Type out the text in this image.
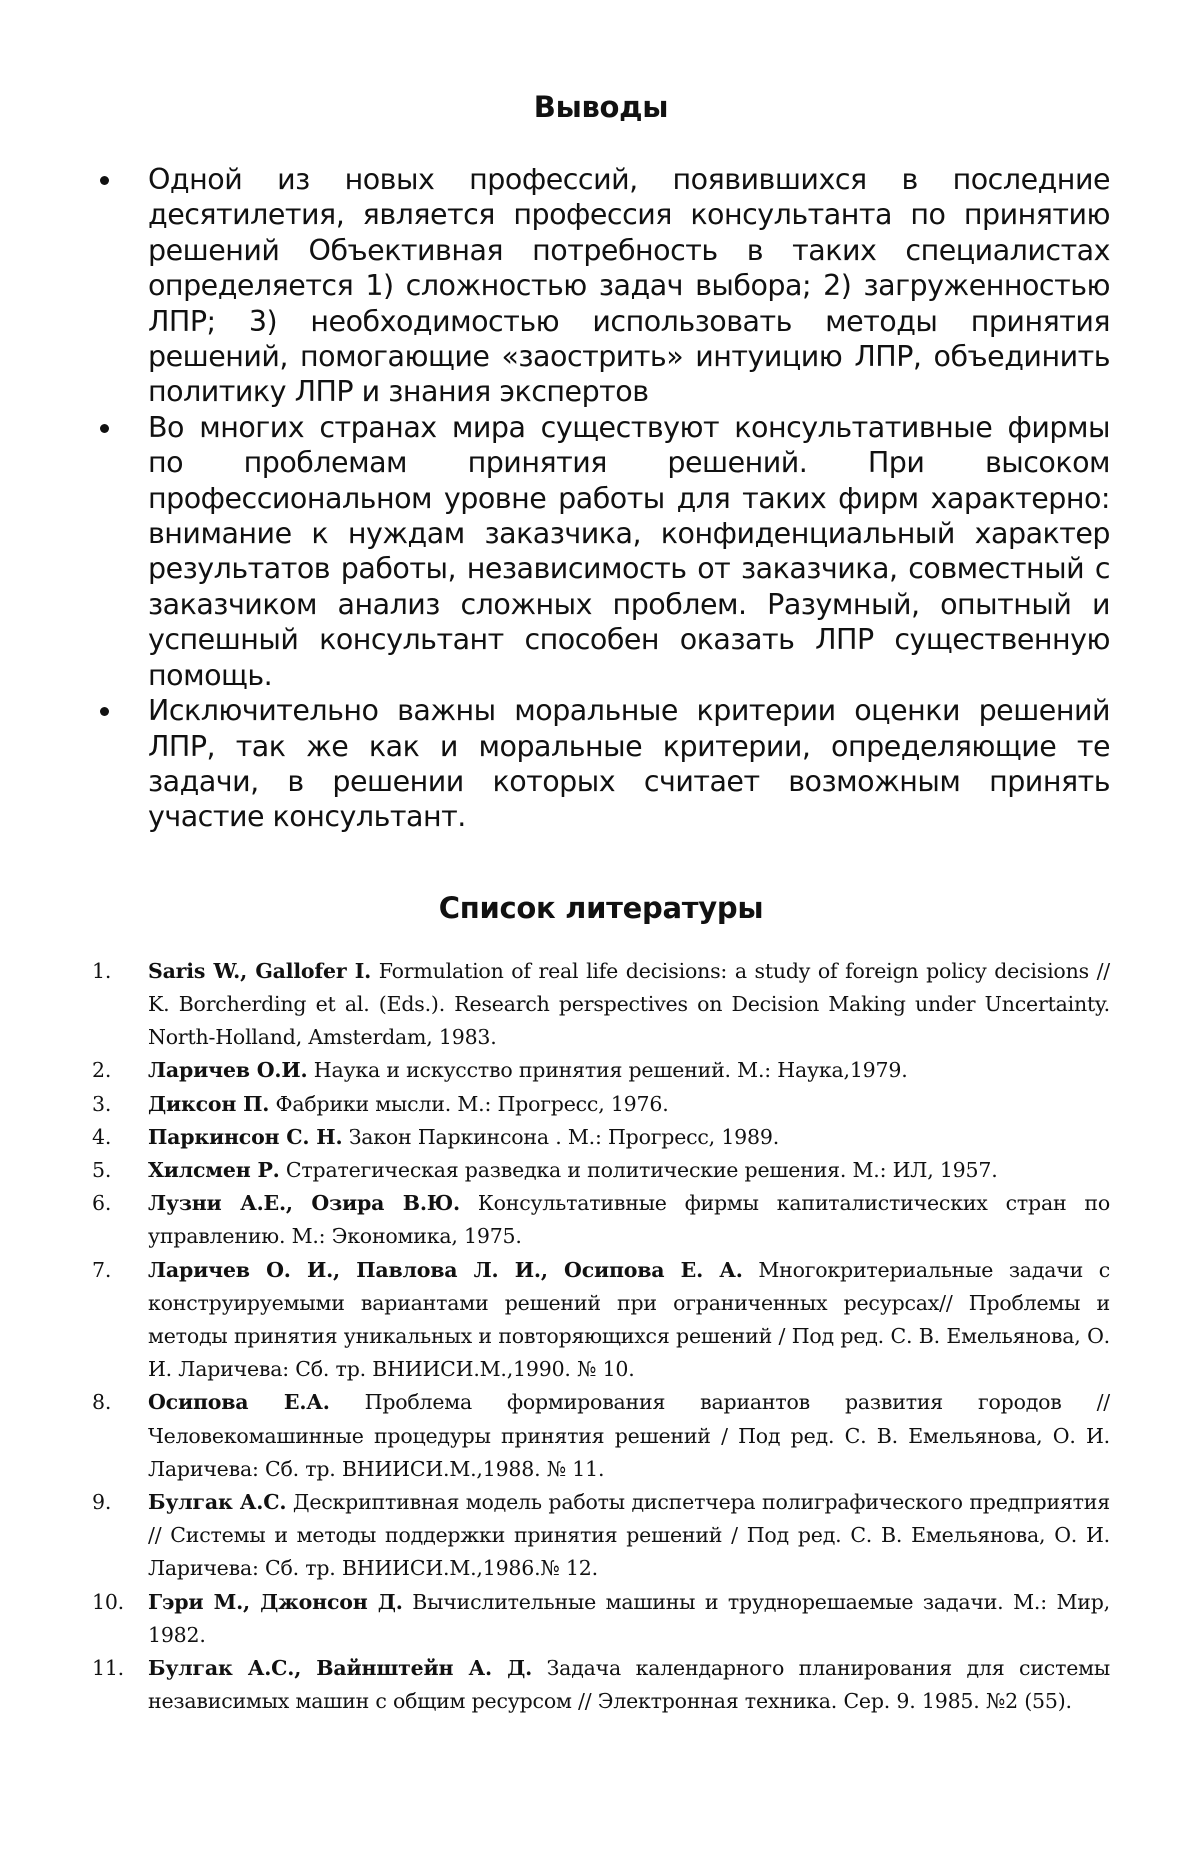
Выводы
Одной из новых профессий, появившихся в последние десятилетия, является профессия консультанта по принятию решений Объективная потребность в таких специалистах определяется 1) сложностью задач выбора; 2) загруженностью ЛПР; 3) необходимостью использовать методы принятия решений, помогающие «заострить» интуицию ЛПР, объединить политику ЛПР и знания экспертов
Во многих странах мира существуют консультативные фирмы по проблемам принятия решений. При высоком профессиональном уровне работы для таких фирм характерно: внимание к нуждам заказчика, конфиденциальный характер результатов работы, независимость от заказчика, совместный с заказчиком анализ сложных проблем. Разумный, опытный и успешный консультант способен оказать ЛПР существенную помощь.
Исключительно важны моральные критерии оценки решений ЛПР, так же как и моральные критерии, определяющие те задачи, в решении которых считает возможным принять участие консультант.
Список литературы
1. Saris W., Gallofer I. Formulation of real life decisions: a study of foreign policy decisions // K. Borcherding et al. (Eds.). Research perspectives on Decision Making under Uncertainty. North-Holland, Amsterdam, 1983.
2. Ларичев О.И. Наука и искусство принятия решений. М.: Наука,1979.
3. Диксон П. Фабрики мысли. М.: Прогресс, 1976.
4. Паркинсон С. Н. Закон Паркинсона . М.: Прогресс, 1989.
5. Хилсмен Р. Стратегическая разведка и политические решения. М.: ИЛ, 1957.
6. Лузни А.Е., Озира В.Ю. Консультативные фирмы капиталистических стран по управлению. М.: Экономика, 1975.
7. Ларичев О. И., Павлова Л. И., Осипова Е. А. Многокритериальные задачи с конструируемыми вариантами решений при ограниченных ресурсах// Проблемы и методы принятия уникальных и повторяющихся решений / Под ред. С. В. Емельянова, О. И. Ларичева: Сб. тр. ВНИИСИ.М.,1990. № 10.
8. Осипова Е.А. Проблема формирования вариантов развития городов // Человекомашинные процедуры принятия решений / Под ред. С. В. Емельянова, О. И. Ларичева: Сб. тр. ВНИИСИ.М.,1988. № 11.
9. Булгак А.С. Дескриптивная модель работы диспетчера полиграфического предприятия // Системы и методы поддержки принятия решений / Под ред. С. В. Емельянова, О. И. Ларичева: Сб. тр. ВНИИСИ.М.,1986.№ 12.
10. Гэри М., Джонсон Д. Вычислительные машины и труднорешаемые задачи. М.: Мир, 1982.
11. Булгак А.С., Вайнштейн А. Д. Задача календарного планирования для системы независимых машин с общим ресурсом // Электронная техника. Сер. 9. 1985. №2 (55).
